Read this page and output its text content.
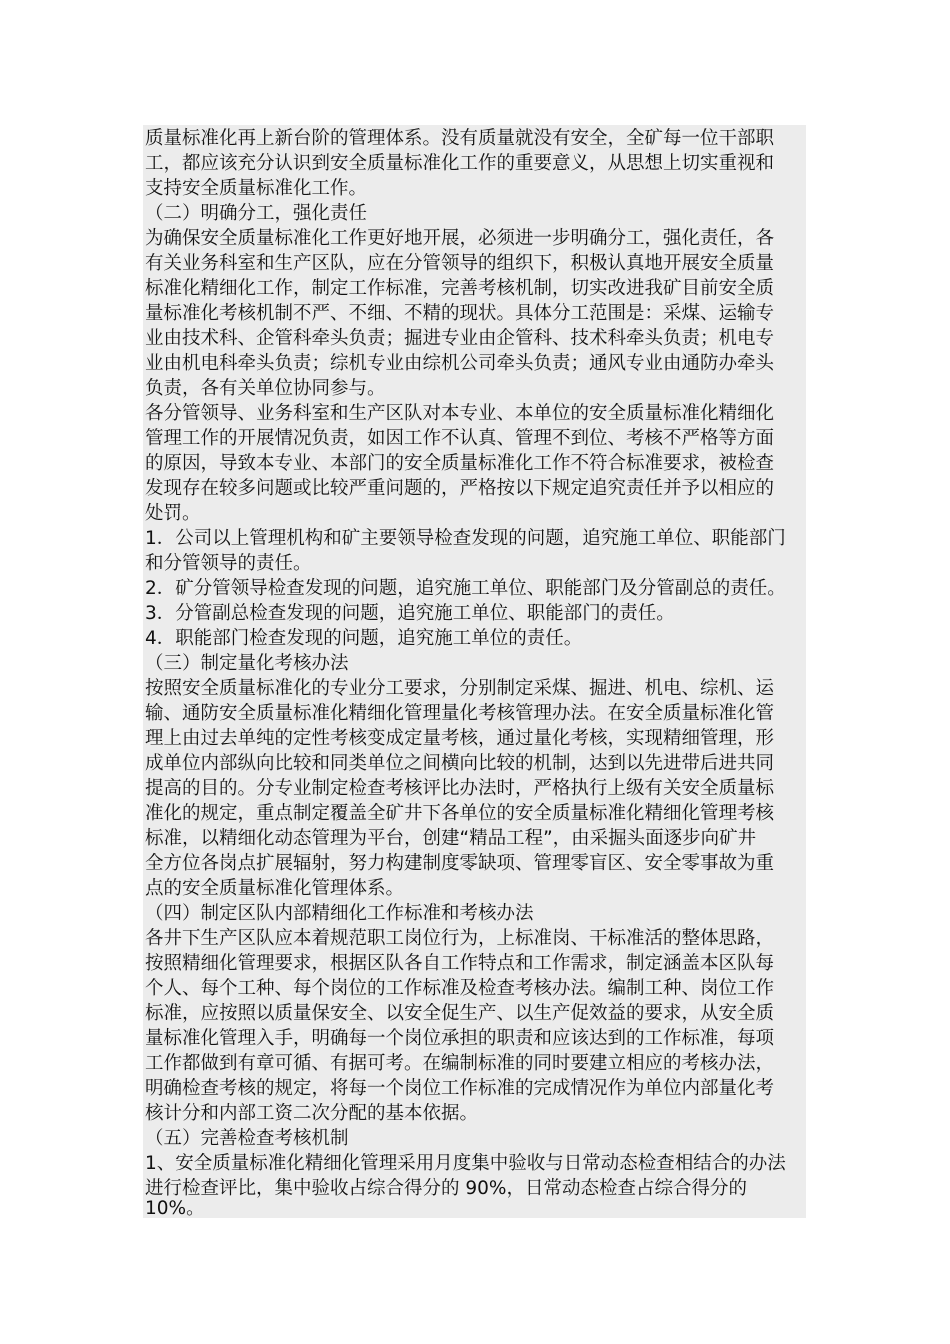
质量标准化再上新台阶的管理体系。没有质量就没有安全，全矿每一位干部职
工，都应该充分认识到安全质量标准化工作的重要意义，从思想上切实重视和
支持安全质量标准化工作。
（二）明确分工，强化责任
为确保安全质量标准化工作更好地开展，必须进一步明确分工，强化责任，各
有关业务科室和生产区队，应在分管领导的组织下，积极认真地开展安全质量
标准化精细化工作，制定工作标准，完善考核机制，切实改进我矿目前安全质
量标准化考核机制不严、不细、不精的现状。具体分工范围是：采煤、运输专
业由技术科、企管科牵头负责；掘进专业由企管科、技术科牵头负责；机电专
业由机电科牵头负责；综机专业由综机公司牵头负责；通风专业由通防办牵头
负责，各有关单位协同参与。
各分管领导、业务科室和生产区队对本专业、本单位的安全质量标准化精细化
管理工作的开展情况负责，如因工作不认真、管理不到位、考核不严格等方面
的原因，导致本专业、本部门的安全质量标准化工作不符合标准要求，被检查
发现存在较多问题或比较严重问题的，严格按以下规定追究责任并予以相应的
处罚。
1．公司以上管理机构和矿主要领导检查发现的问题，追究施工单位、职能部门
和分管领导的责任。
2．矿分管领导检查发现的问题，追究施工单位、职能部门及分管副总的责任。
3．分管副总检查发现的问题，追究施工单位、职能部门的责任。
4．职能部门检查发现的问题，追究施工单位的责任。
（三）制定量化考核办法
按照安全质量标准化的专业分工要求，分别制定采煤、掘进、机电、综机、运
输、通防安全质量标准化精细化管理量化考核管理办法。在安全质量标准化管
理上由过去单纯的定性考核变成定量考核，通过量化考核，实现精细管理，形
成单位内部纵向比较和同类单位之间横向比较的机制，达到以先进带后进共同
提高的目的。分专业制定检查考核评比办法时，严格执行上级有关安全质量标
准化的规定，重点制定覆盖全矿井下各单位的安全质量标准化精细化管理考核
标准，以精细化动态管理为平台，创建“精品工程”，由采掘头面逐步向矿井
全方位各岗点扩展辐射，努力构建制度零缺项、管理零盲区、安全零事故为重
点的安全质量标准化管理体系。
（四）制定区队内部精细化工作标准和考核办法
各井下生产区队应本着规范职工岗位行为，上标准岗、干标准活的整体思路，
按照精细化管理要求，根据区队各自工作特点和工作需求，制定涵盖本区队每
个人、每个工种、每个岗位的工作标准及检查考核办法。编制工种、岗位工作
标准，应按照以质量保安全、以安全促生产、以生产促效益的要求，从安全质
量标准化管理入手，明确每一个岗位承担的职责和应该达到的工作标准，每项
工作都做到有章可循、有据可考。在编制标准的同时要建立相应的考核办法，
明确检查考核的规定，将每一个岗位工作标准的完成情况作为单位内部量化考
核计分和内部工资二次分配的基本依据。
（五）完善检查考核机制
1、安全质量标准化精细化管理采用月度集中验收与日常动态检查相结合的办法
进行检查评比，集中验收占综合得分的 90%，日常动态检查占综合得分的
10%。
